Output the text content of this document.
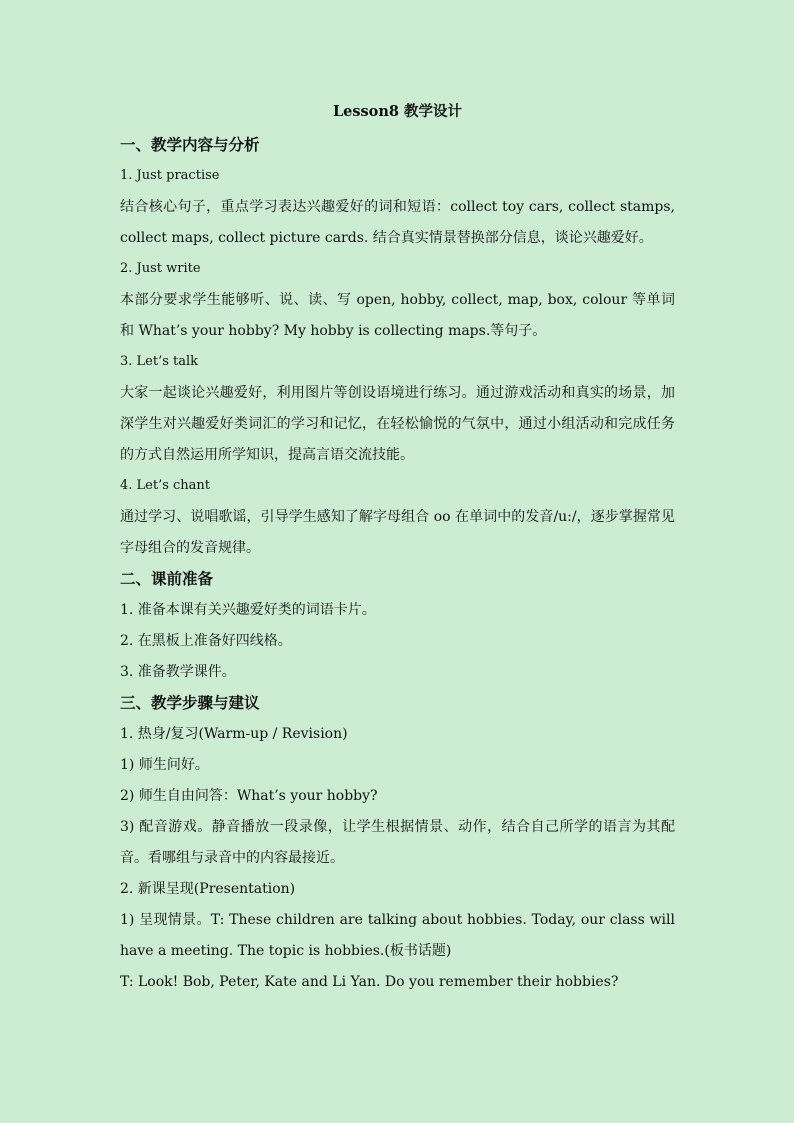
Lesson8 教学设计
一、教学内容与分析
1. Just practise
结合核心句子，重点学习表达兴趣爱好的词和短语：collect toy cars, collect stamps, collect maps, collect picture cards. 结合真实情景替换部分信息，谈论兴趣爱好。
2. Just write
本部分要求学生能够听、说、读、写 open, hobby, collect, map, box, colour 等单词和 What’s your hobby? My hobby is collecting maps.等句子。
3. Let’s talk
大家一起谈论兴趣爱好，利用图片等创设语境进行练习。通过游戏活动和真实的场景，加深学生对兴趣爱好类词汇的学习和记忆，在轻松愉悦的气氛中，通过小组活动和完成任务的方式自然运用所学知识，提高言语交流技能。
4. Let’s chant
通过学习、说唱歌谣，引导学生感知了解字母组合 oo 在单词中的发音/u:/，逐步掌握常见字母组合的发音规律。
二、课前准备
1. 准备本课有关兴趣爱好类的词语卡片。
2. 在黑板上准备好四线格。
3. 准备教学课件。
三、教学步骤与建议
1. 热身/复习(Warm-up / Revision)
1) 师生问好。
2) 师生自由问答：What’s your hobby?
3) 配音游戏。静音播放一段录像，让学生根据情景、动作，结合自己所学的语言为其配音。看哪组与录音中的内容最接近。
2. 新课呈现(Presentation)
1) 呈现情景。T: These children are talking about hobbies. Today, our class will have a meeting. The topic is hobbies.(板书话题)
T: Look! Bob, Peter, Kate and Li Yan. Do you remember their hobbies?
